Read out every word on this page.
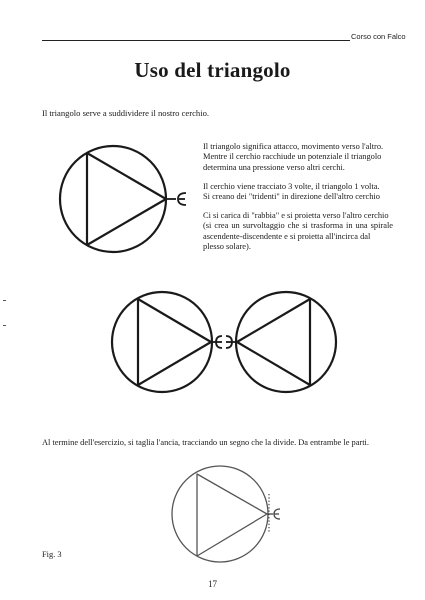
Corso con Falco
Uso del triangolo
Il triangolo serve a suddividere il nostro cerchio.
Il triangolo significa attacco, movimento verso l'altro.
Mentre il cerchio racchiude un potenziale il triangolo
determina una pressione verso altri cerchi.
Il cerchio viene tracciato 3 volte, il triangolo 1 volta.
Si creano dei "tridenti" in direzione dell'altro cerchio
Ci si carica di "rabbia" e si proietta verso l'altro cerchio
(si crea un survoltaggio che si trasforma in una spirale
ascendente-discendente e si proietta all'incirca dal
plesso solare).
Al termine dell'esercizio, si taglia l'ancia, tracciando un segno che la divide. Da entrambe le parti.
Fig. 3
17
